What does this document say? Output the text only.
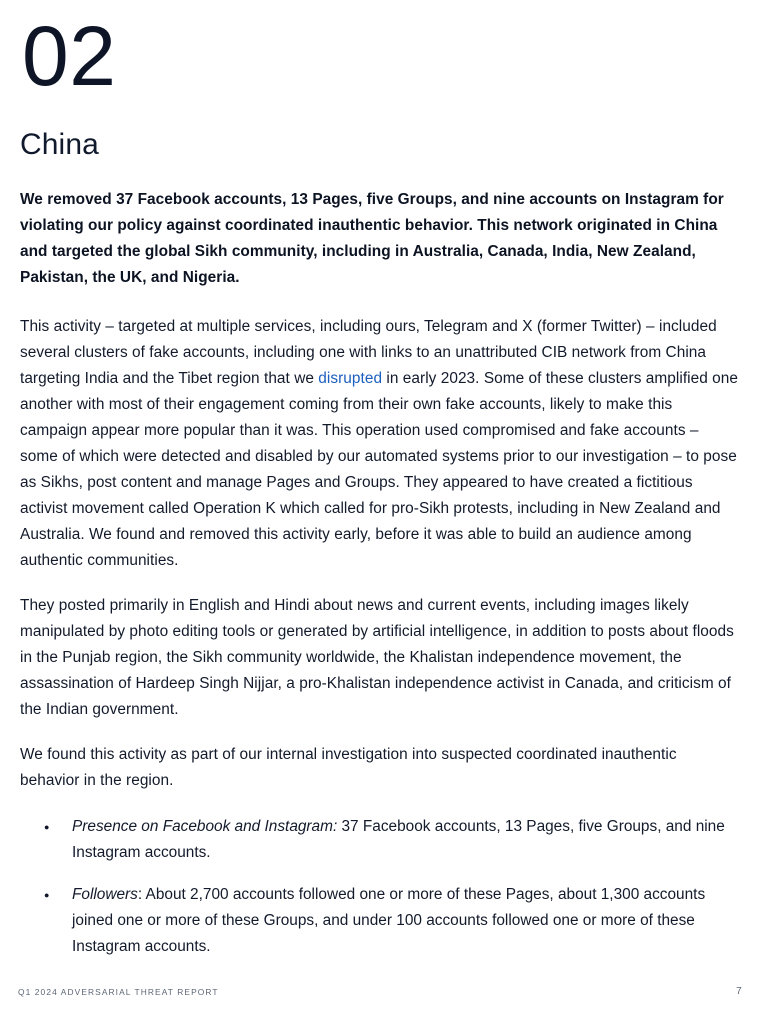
02
China

We removed 37 Facebook accounts, 13 Pages, five Groups, and nine accounts on Instagram for violating our policy against coordinated inauthentic behavior. This network originated in China and targeted the global Sikh community, including in Australia, Canada, India, New Zealand, Pakistan, the UK, and Nigeria.

This activity – targeted at multiple services, including ours, Telegram and X (former Twitter) – included several clusters of fake accounts, including one with links to an unattributed CIB network from China targeting India and the Tibet region that we disrupted in early 2023. Some of these clusters amplified one another with most of their engagement coming from their own fake accounts, likely to make this campaign appear more popular than it was. This operation used compromised and fake accounts – some of which were detected and disabled by our automated systems prior to our investigation – to pose as Sikhs, post content and manage Pages and Groups. They appeared to have created a fictitious activist movement called Operation K which called for pro-Sikh protests, including in New Zealand and Australia. We found and removed this activity early, before it was able to build an audience among authentic communities.

They posted primarily in English and Hindi about news and current events, including images likely manipulated by photo editing tools or generated by artificial intelligence, in addition to posts about floods in the Punjab region, the Sikh community worldwide, the Khalistan independence movement, the assassination of Hardeep Singh Nijjar, a pro-Khalistan independence activist in Canada, and criticism of the Indian government.

We found this activity as part of our internal investigation into suspected coordinated inauthentic behavior in the region.

● Presence on Facebook and Instagram: 37 Facebook accounts, 13 Pages, five Groups, and nine Instagram accounts.
● Followers: About 2,700 accounts followed one or more of these Pages, about 1,300 accounts joined one or more of these Groups, and under 100 accounts followed one or more of these Instagram accounts.
Q1 2024 ADVERSARIAL THREAT REPORT	7
